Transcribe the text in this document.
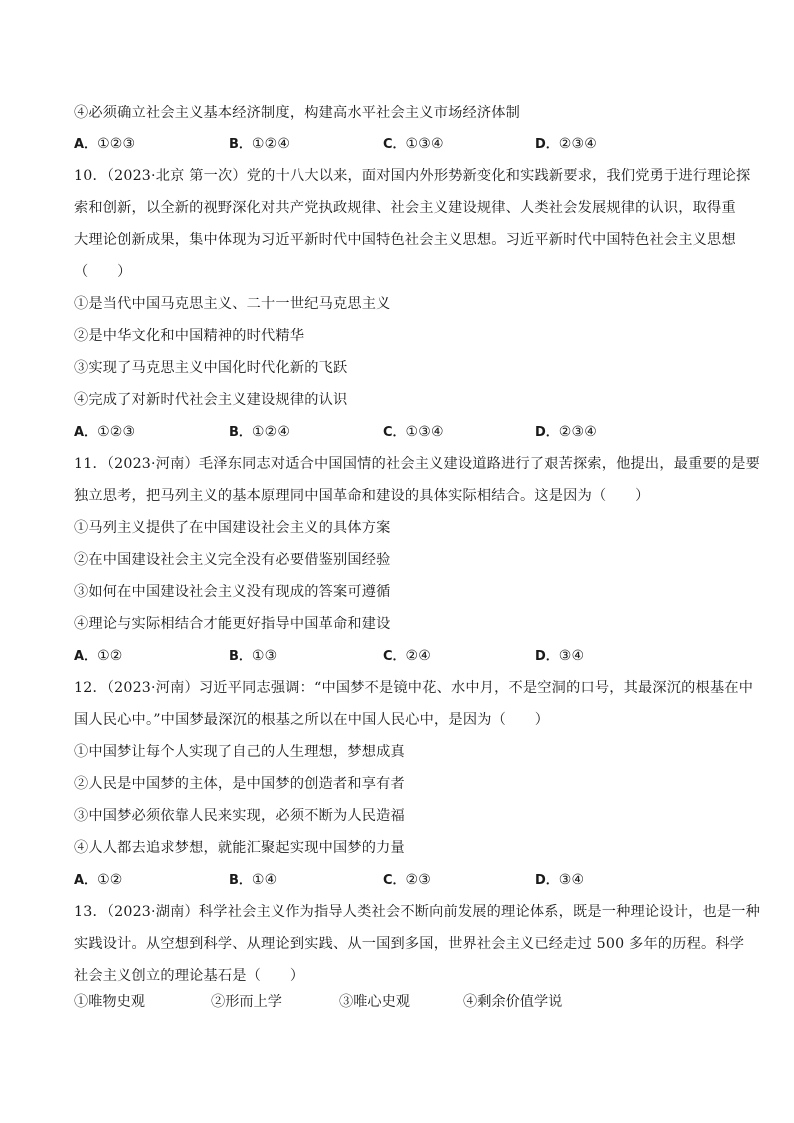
④必须确立社会主义基本经济制度，构建高水平社会主义市场经济体制
A．①②③	B．①②④	C．①③④	D．②③④
10．（2023·北京 第一次）党的十八大以来，面对国内外形势新变化和实践新要求，我们党勇于进行理论探
索和创新，以全新的视野深化对共产党执政规律、社会主义建设规律、人类社会发展规律的认识，取得重
大理论创新成果，集中体现为习近平新时代中国特色社会主义思想。习近平新时代中国特色社会主义思想
（　　）
①是当代中国马克思主义、二十一世纪马克思主义
②是中华文化和中国精神的时代精华
③实现了马克思主义中国化时代化新的飞跃
④完成了对新时代社会主义建设规律的认识
A．①②③	B．①②④	C．①③④	D．②③④
11．（2023·河南）毛泽东同志对适合中国国情的社会主义建设道路进行了艰苦探索，他提出，最重要的是要
独立思考，把马列主义的基本原理同中国革命和建设的具体实际相结合。这是因为（　　）
①马列主义提供了在中国建设社会主义的具体方案
②在中国建设社会主义完全没有必要借鉴别国经验
③如何在中国建设社会主义没有现成的答案可遵循
④理论与实际相结合才能更好指导中国革命和建设
A．①②	B．①③	C．②④	D．③④
12．（2023·河南）习近平同志强调：“中国梦不是镜中花、水中月，不是空洞的口号，其最深沉的根基在中
国人民心中。”中国梦最深沉的根基之所以在中国人民心中，是因为（　　）
①中国梦让每个人实现了自己的人生理想，梦想成真
②人民是中国梦的主体，是中国梦的创造者和享有者
③中国梦必须依靠人民来实现，必须不断为人民造福
④人人都去追求梦想，就能汇聚起实现中国梦的力量
A．①②	B．①④	C．②③	D．③④
13．（2023·湖南）科学社会主义作为指导人类社会不断向前发展的理论体系，既是一种理论设计，也是一种
实践设计。从空想到科学、从理论到实践、从一国到多国，世界社会主义已经走过 500 多年的历程。科学
社会主义创立的理论基石是（　　）
①唯物史观	②形而上学	③唯心史观	④剩余价值学说
